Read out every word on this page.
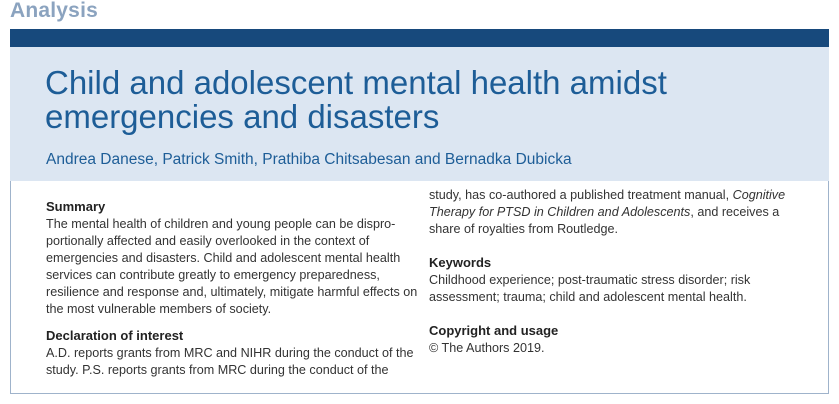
Analysis
Child and adolescent mental health amidst emergencies and disasters
Andrea Danese, Patrick Smith, Prathiba Chitsabesan and Bernadka Dubicka
Summary

The mental health of children and young people can be dispro-portionally affected and easily overlooked in the context of emergencies and disasters. Child and adolescent mental health services can contribute greatly to emergency preparedness, resilience and response and, ultimately, mitigate harmful effects on the most vulnerable members of society.

Declaration of interest

A.D. reports grants from MRC and NIHR during the conduct of the study. P.S. reports grants from MRC during the conduct of the

study, has co-authored a published treatment manual, Cognitive Therapy for PTSD in Children and Adolescents, and receives a share of royalties from Routledge.

Keywords

Childhood experience; post-traumatic stress disorder; risk assessment; trauma; child and adolescent mental health.

Copyright and usage

© The Authors 2019.
